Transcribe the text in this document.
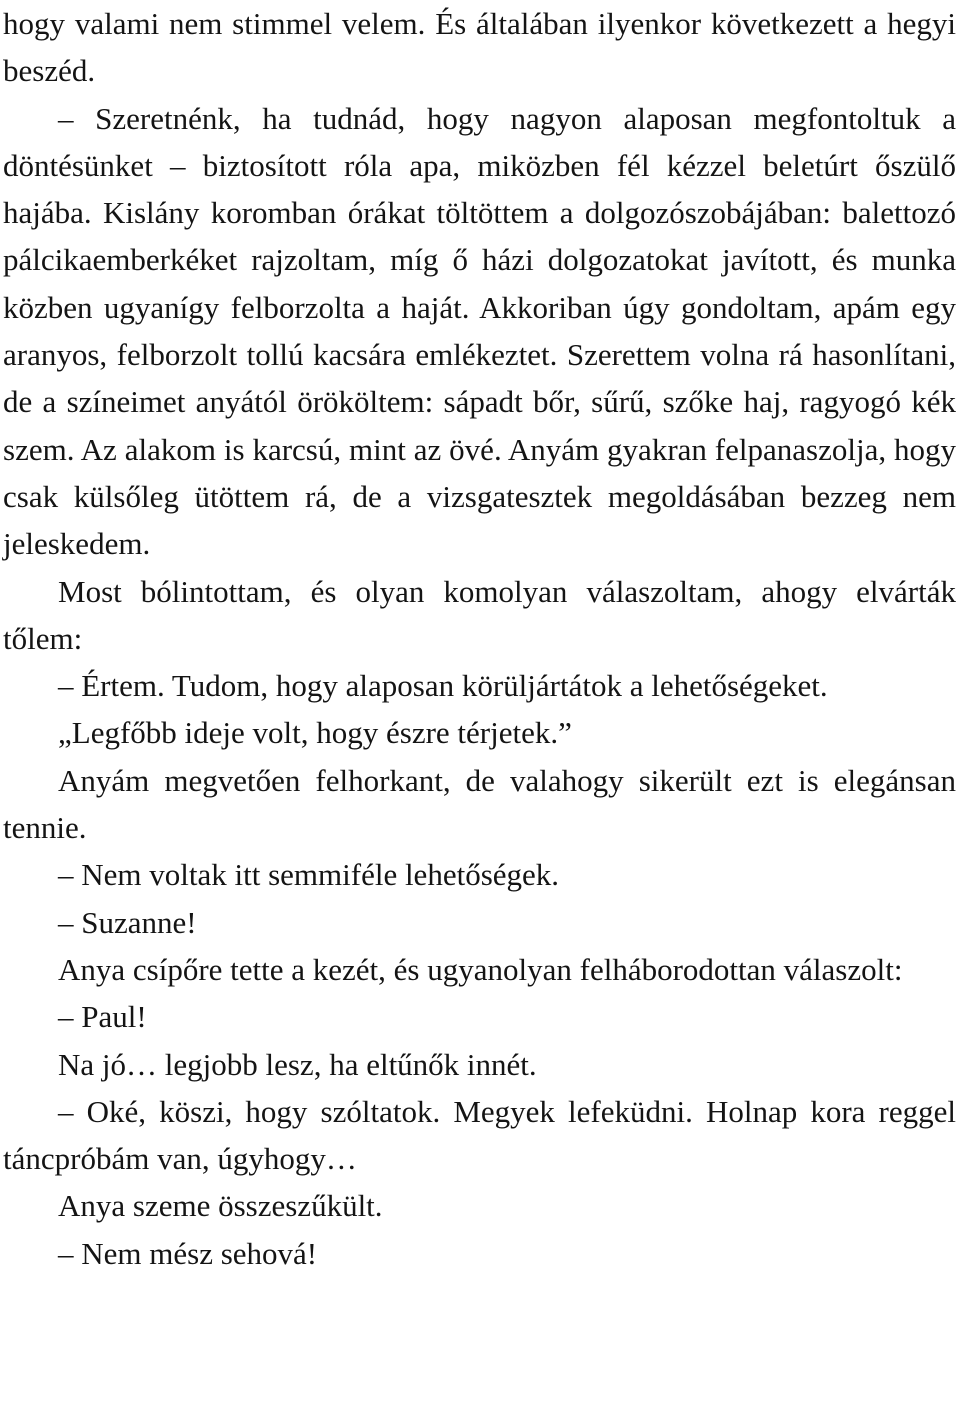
hogy valami nem stimmel velem. És általában ilyenkor következett a hegyi beszéd.

– Szeretnénk, ha tudnád, hogy nagyon alaposan megfontoltuk a döntésünket – biztosított róla apa, miközben fél kézzel beletúrt őszülő hajába. Kislány koromban órákat töltöttem a dolgozószobájában: balettozó pálcikaemberkéket rajzoltam, míg ő házi dolgozatokat javított, és munka közben ugyanígy felborzolta a haját. Akkoriban úgy gondoltam, apám egy aranyos, felborzolt tollú kacsára emlékeztet. Szerettem volna rá hasonlítani, de a színeimet anyától örököltem: sápadt bőr, sűrű, szőke haj, ragyogó kék szem. Az alakom is karcsú, mint az övé. Anyám gyakran felpanaszolja, hogy csak külsőleg ütöttem rá, de a vizsgatesztek megoldásában bezzeg nem jeleskedem.

Most bólintottam, és olyan komolyan válaszoltam, ahogy elvárták tőlem:

– Értem. Tudom, hogy alaposan körüljártátok a lehetőségeket.

„Legfőbb ideje volt, hogy észre térjetek.”

Anyám megvetően felhorkant, de valahogy sikerült ezt is elegánsan tennie.

– Nem voltak itt semmiféle lehetőségek.

– Suzanne!

Anya csípőre tette a kezét, és ugyanolyan felháborodottan válaszolt:

– Paul!

Na jó… legjobb lesz, ha eltűnők innét.

– Oké, köszi, hogy szóltatok. Megyek lefeküdni. Holnap kora reggel táncpróbám van, úgyhogy…

Anya szeme összeszűkült.

– Nem mész sehová!
